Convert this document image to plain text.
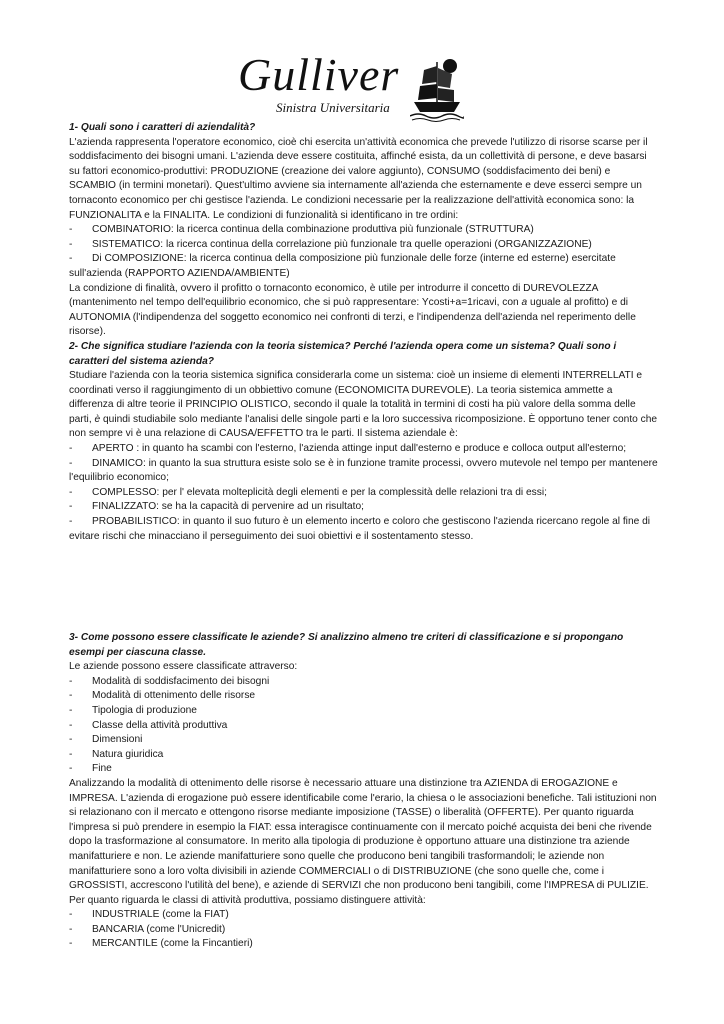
Gulliver
Sinistra Universitaria

1- Quali sono i caratteri di aziendalità?

L'azienda rappresenta l'operatore economico, cioè chi esercita un'attività economica che prevede l'utilizzo di risorse scarse per il soddisfacimento dei bisogni umani. L'azienda deve essere costituita, affinché esista, da un collettività di persone, e deve basarsi su fattori economico-produttivi: PRODUZIONE (creazione dei valore aggiunto), CONSUMO (soddisfacimento dei beni) e SCAMBIO (in termini monetari). Quest'ultimo avviene sia internamente all'azienda che esternamente e deve esserci sempre un tornaconto economico per chi gestisce l'azienda. Le condizioni necessarie per la realizzazione dell'attività economica sono: la FUNZIONALITA e la FINALITA. Le condizioni di funzionalità si identificano in tre ordini:

- COMBINATORIO: la ricerca continua della combinazione produttiva più funzionale (STRUTTURA)

- SISTEMATICO: la ricerca continua della correlazione più funzionale tra quelle operazioni (ORGANIZZAZIONE)

- Di COMPOSIZIONE: la ricerca continua della composizione più funzionale delle forze (interne ed esterne) esercitate sull'azienda (RAPPORTO AZIENDA/AMBIENTE)

La condizione di finalità, ovvero il profitto o tornaconto economico, è utile per introdurre il concetto di DUREVOLEZZA (mantenimento nel tempo dell'equilibrio economico, che si può rappresentare: Ycosti+a=1ricavi, con a uguale al profitto) e di AUTONOMIA (l'indipendenza del soggetto economico nei confronti di terzi, e l'indipendenza dell'azienda nel reperimento delle risorse).

2- Che significa studiare l'azienda con la teoria sistemica? Perché l'azienda opera come un sistema? Quali sono i caratteri del sistema azienda?

Studiare l'azienda con la teoria sistemica significa considerarla come un sistema: cioè un insieme di elementi INTERRELLATI e coordinati verso il raggiungimento di un obbiettivo comune (ECONOMICITA DUREVOLE). La teoria sistemica ammette a differenza di altre teorie il PRINCIPIO OLISTICO, secondo il quale la totalità in termini di costi ha più valore della somma delle parti, è quindi studiabile solo mediante l'analisi delle singole parti e la loro successiva ricomposizione. È opportuno tener conto che non sempre vi è una relazione di CAUSA/EFFETTO tra le parti. Il sistema aziendale è:

- APERTO : in quanto ha scambi con l'esterno, l'azienda attinge input dall'esterno e produce e colloca output all'esterno;

- DINAMICO: in quanto la sua struttura esiste solo se è in funzione tramite processi, ovvero mutevole nel tempo per mantenere l'equilibrio economico;

- COMPLESSO: per l' elevata molteplicità degli elementi e per la complessità delle relazioni tra di essi;

- FINALIZZATO: se ha la capacità di pervenire ad un risultato;

- PROBABILISTICO: in quanto il suo futuro è un elemento incerto e coloro che gestiscono l'azienda ricercano regole al fine di evitare rischi che minacciano il perseguimento dei suoi obiettivi e il sostentamento stesso.

3- Come possono essere classificate le aziende? Si analizzino almeno tre criteri di classificazione e si propongano esempi per ciascuna classe.

Le aziende possono essere classificate attraverso:

- Modalità di soddisfacimento dei bisogni

- Modalità di ottenimento delle risorse

- Tipologia di produzione

- Classe della attività produttiva

- Dimensioni

- Natura giuridica

- Fine

Analizzando la modalità di ottenimento delle risorse è necessario attuare una distinzione tra AZIENDA di EROGAZIONE e IMPRESA. L'azienda di erogazione può essere identificabile come l'erario, la chiesa o le associazioni benefiche. Tali istituzioni non si relazionano con il mercato e ottengono risorse mediante imposizione (TASSE) o liberalità (OFFERTE). Per quanto riguarda l'impresa si può prendere in esempio la FIAT: essa interagisce continuamente con il mercato poiché acquista dei beni che rivende dopo la trasformazione al consumatore. In merito alla tipologia di produzione è opportuno attuare una distinzione tra aziende manifatturiere e non. Le aziende manifatturiere sono quelle che producono beni tangibili trasformandoli; le aziende non manifatturiere sono a loro volta divisibili in aziende COMMERCIALI o di DISTRIBUZIONE (che sono quelle che, come i GROSSISTI, accrescono l'utilità del bene), e aziende di SERVIZI che non producono beni tangibili, come l'IMPRESA di PULIZIE.

Per quanto riguarda le classi di attività produttiva, possiamo distinguere attività:

- INDUSTRIALE (come la FIAT)

- BANCARIA (come l'Unicredit)

- MERCANTILE (come la Fincantieri)
